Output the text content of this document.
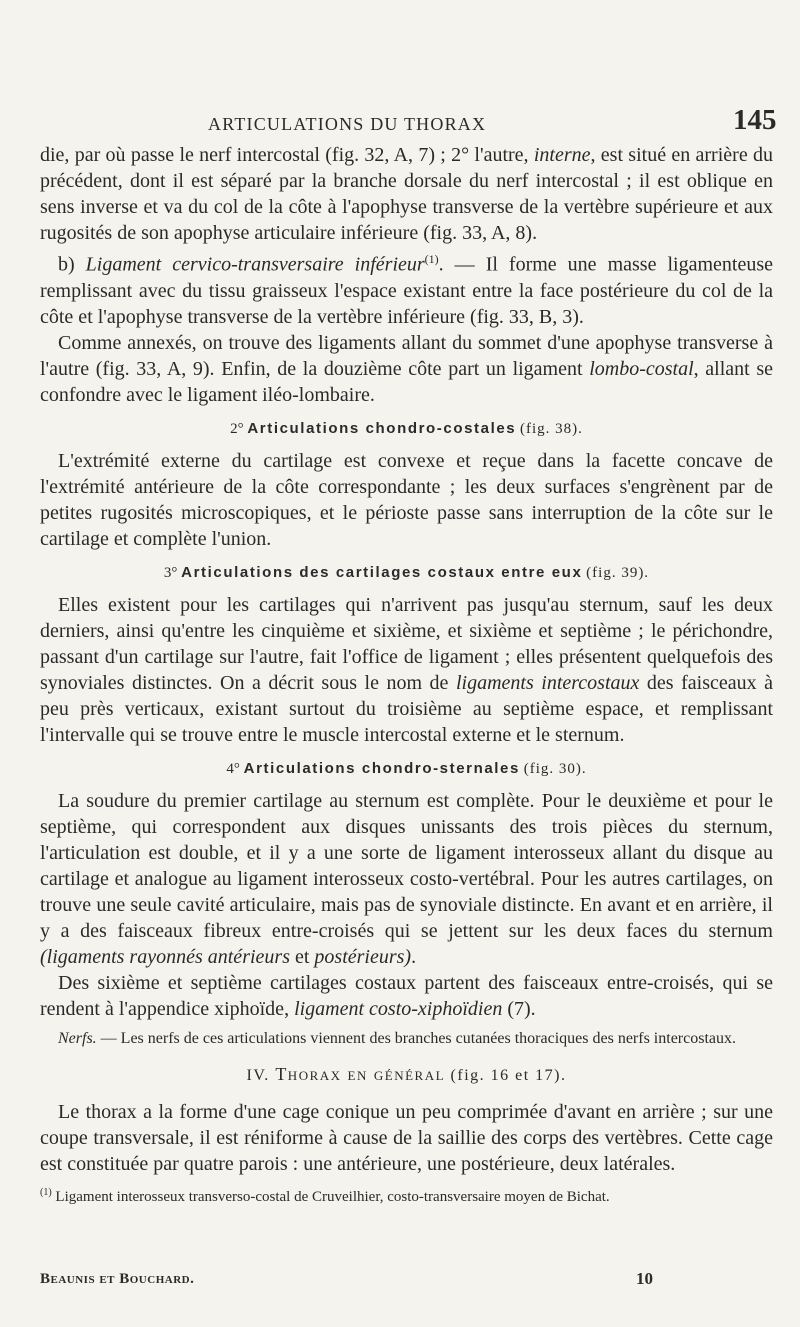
ARTICULATIONS DU THORAX	145

die, par où passe le nerf intercostal (fig. 32, A, 7) ; 2° l'autre, interne, est situé en arrière du précédent, dont il est séparé par la branche dorsale du nerf intercostal ; il est oblique en sens inverse et va du col de la côte à l'apophyse transverse de la vertèbre supérieure et aux rugosités de son apophyse articulaire inférieure (fig. 33, A, 8).

b) Ligament cervico-transversaire inférieur$^{(1)}$. — Il forme une masse ligamenteuse remplissant avec du tissu graisseux l'espace existant entre la face postérieure du col de la côte et l'apophyse transverse de la vertèbre inférieure (fig. 33, B, 3).

Comme annexés, on trouve des ligaments allant du sommet d'une apophyse transverse à l'autre (fig. 33, A, 9). Enfin, de la douzième côte part un ligament lombo-costal, allant se confondre avec le ligament iléo-lombaire.

2° Articulations chondro-costales (fig. 38).

L'extrémité externe du cartilage est convexe et reçue dans la facette concave de l'extrémité antérieure de la côte correspondante ; les deux surfaces s'engrènent par de petites rugosités microscopiques, et le périoste passe sans interruption de la côte sur le cartilage et complète l'union.

3° Articulations des cartilages costaux entre eux (fig. 39).

Elles existent pour les cartilages qui n'arrivent pas jusqu'au sternum, sauf les deux derniers, ainsi qu'entre les cinquième et sixième, et sixième et septième ; le périchondre, passant d'un cartilage sur l'autre, fait l'office de ligament ; elles présentent quelquefois des synoviales distinctes. On a décrit sous le nom de ligaments intercostaux des faisceaux à peu près verticaux, existant surtout du troisième au septième espace, et remplissant l'intervalle qui se trouve entre le muscle intercostal externe et le sternum.

4° Articulations chondro-sternales (fig. 30).

La soudure du premier cartilage au sternum est complète. Pour le deuxième et pour le septième, qui correspondent aux disques unissants des trois pièces du sternum, l'articulation est double, et il y a une sorte de ligament interosseux allant du disque au cartilage et analogue au ligament interosseux costo-vertébral. Pour les autres cartilages, on trouve une seule cavité articulaire, mais pas de synoviale distincte. En avant et en arrière, il y a des faisceaux fibreux entre-croisés qui se jettent sur les deux faces du sternum (ligaments rayonnés antérieurs et postérieurs).

Des sixième et septième cartilages costaux partent des faisceaux entre-croisés, qui se rendent à l'appendice xiphoïde, ligament costo-xiphoïdien (7).

Nerfs. — Les nerfs de ces articulations viennent des branches cutanées thoraciques des nerfs intercostaux.

IV. Thorax en général (fig. 16 et 17).

Le thorax a la forme d'une cage conique un peu comprimée d'avant en arrière ; sur une coupe transversale, il est réniforme à cause de la saillie des corps des vertèbres. Cette cage est constituée par quatre parois : une antérieure, une postérieure, deux latérales.

$^{(1)}$ Ligament interosseux transverso-costal de Cruveilhier, costo-transversaire moyen de Bichat.

Beaunis et Bouchard.	10
